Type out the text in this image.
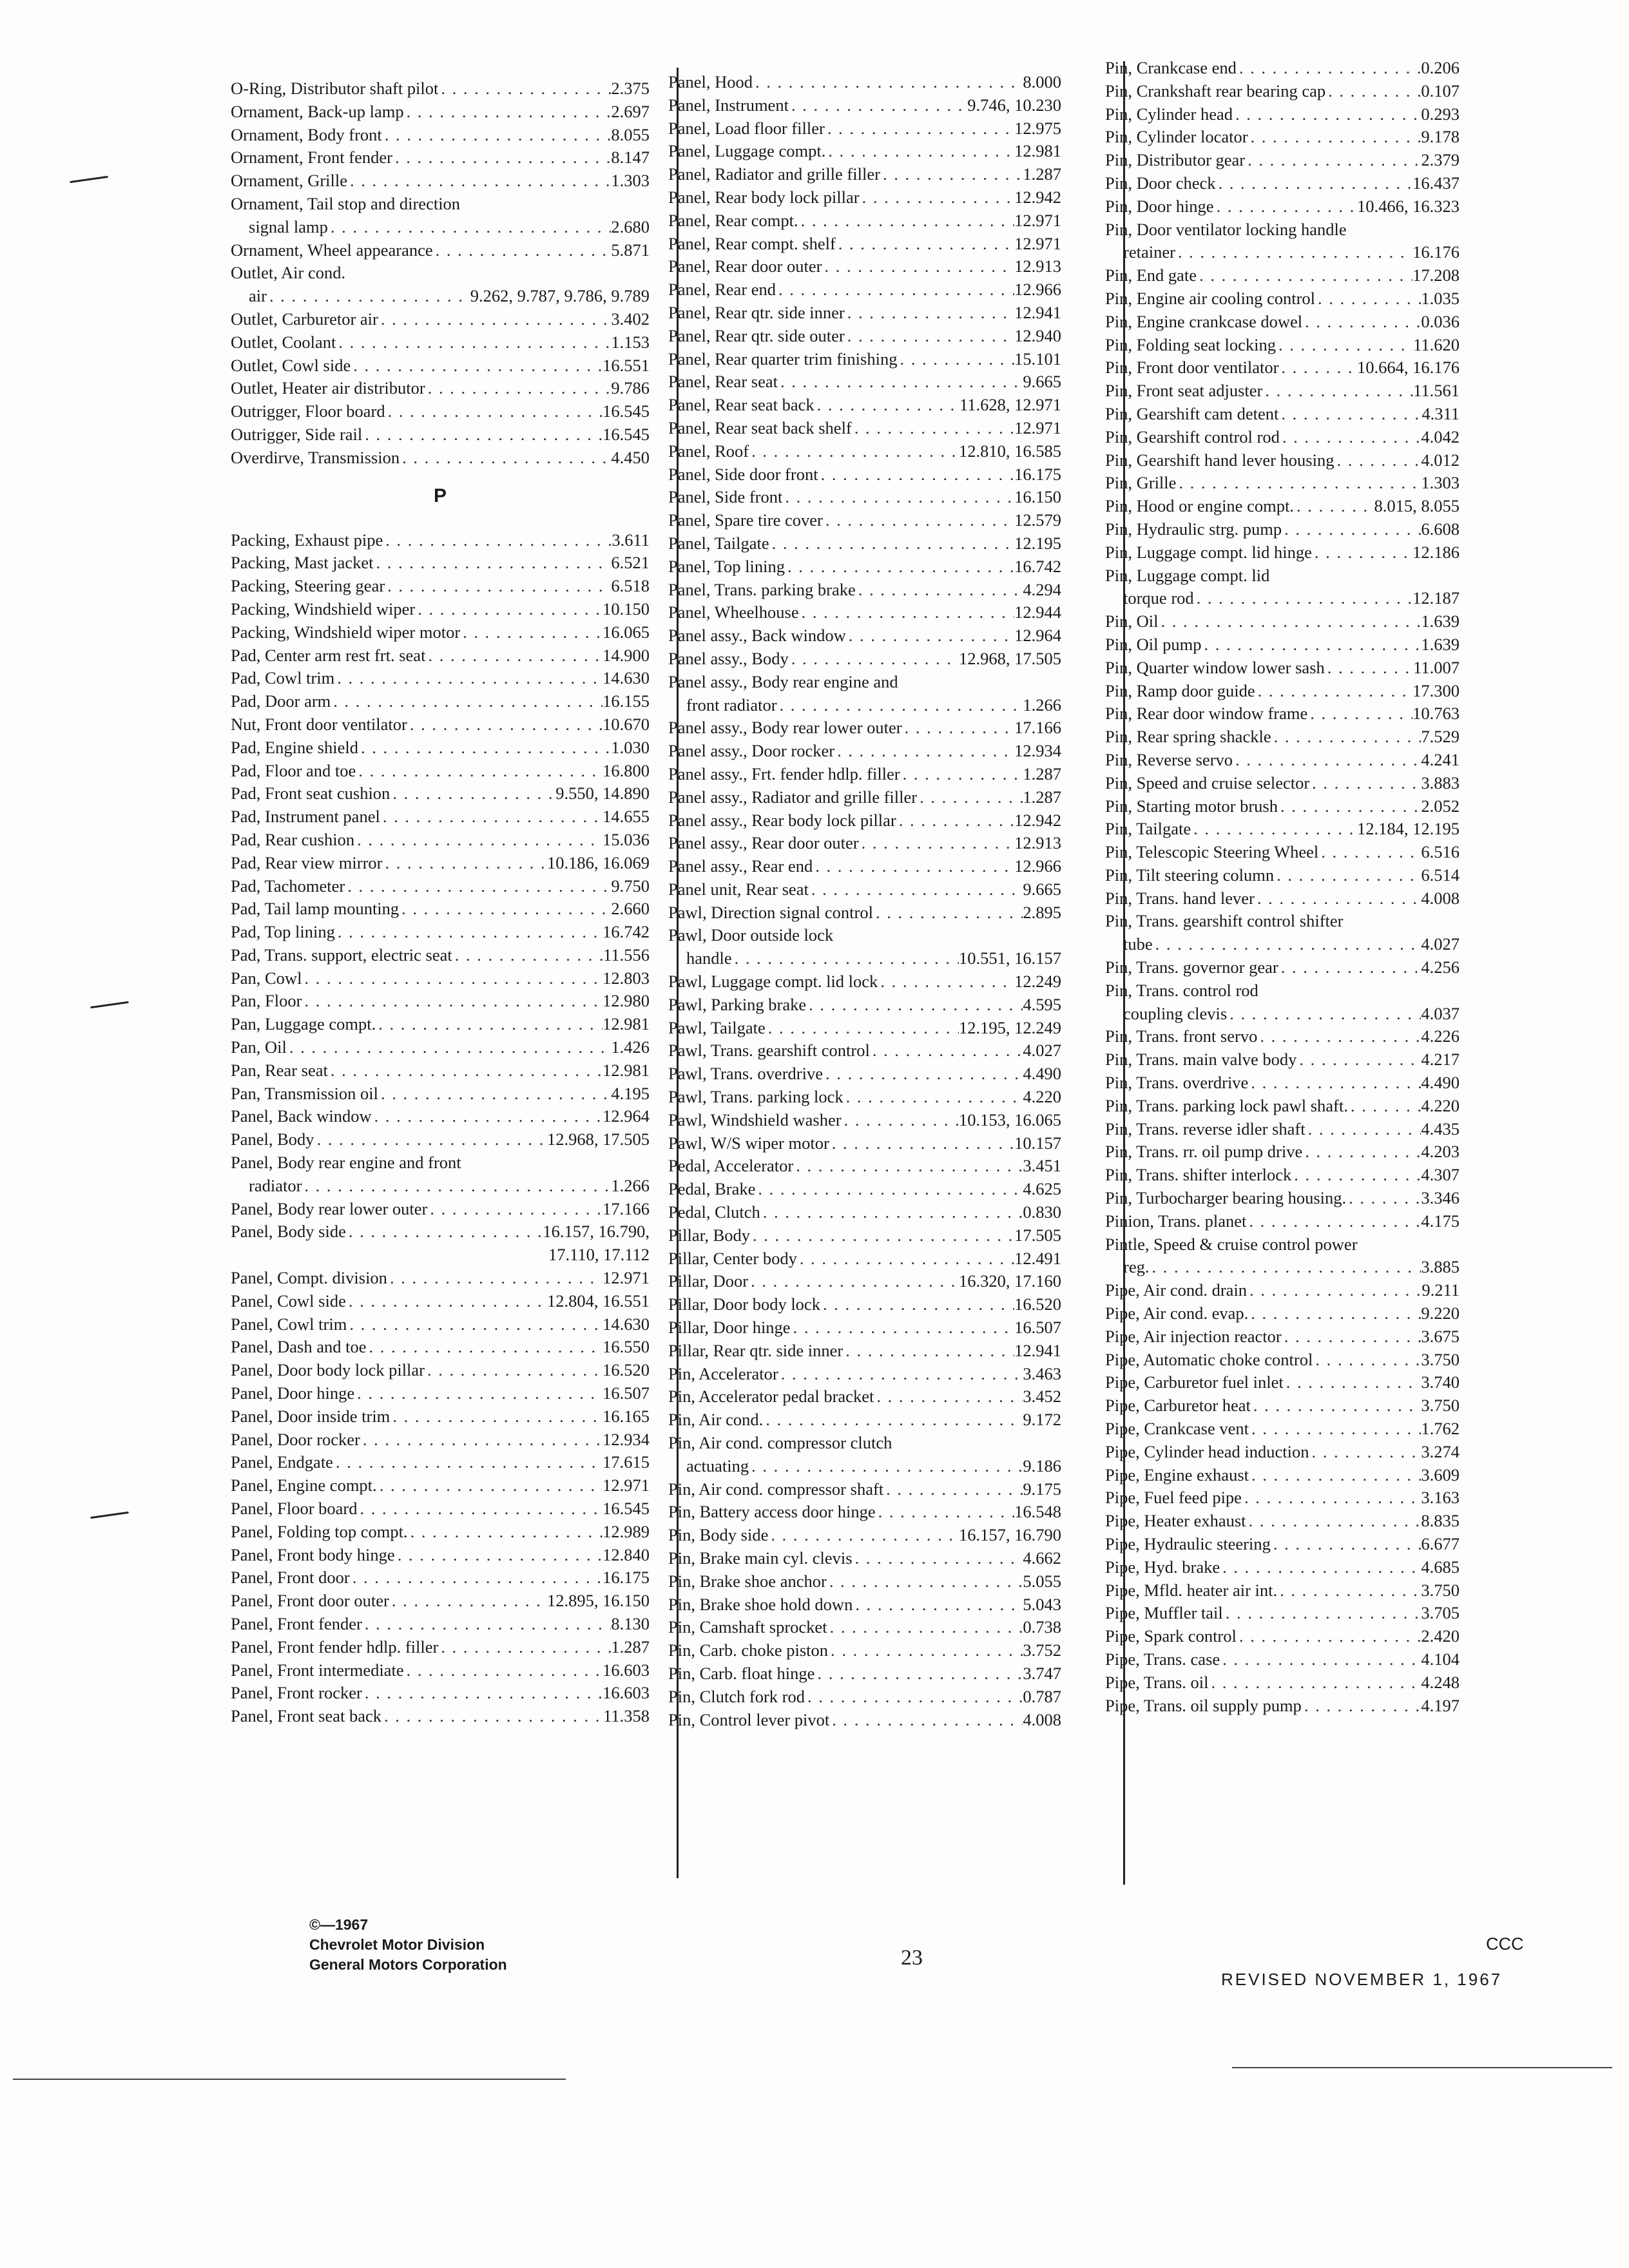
O-Ring, Distributor shaft pilot . . .	2.375
Ornament, Back-up lamp . . .	2.697
Ornament, Body front . . .	8.055
Ornament, Front fender . . .	8.147
Ornament, Grille . . .	1.303
Ornament, Tail stop and direction
signal lamp . . .	2.680
Ornament, Wheel appearance . . .	5.871
Outlet, Air cond.
air . . .	9.262, 9.787, 9.786, 9.789
Outlet, Carburetor air . . .	3.402
Outlet, Coolant . . .	1.153
Outlet, Cowl side . . .	16.551
Outlet, Heater air distributor . . .	9.786
Outrigger, Floor board . . .	16.545
Outrigger, Side rail . . .	16.545
Overdirve, Transmission . . .	4.450
P
Packing, Exhaust pipe . . .	3.611
Packing, Mast jacket . . .	6.521
Packing, Steering gear . . .	6.518
Packing, Windshield wiper . . .	10.150
Packing, Windshield wiper motor . . .	16.065
Pad, Center arm rest frt. seat . . .	14.900
Pad, Cowl trim . . .	14.630
Pad, Door arm . . .	16.155
Nut, Front door ventilator . . .	10.670
Pad, Engine shield . . .	1.030
Pad, Floor and toe . . .	16.800
Pad, Front seat cushion . . .	9.550, 14.890
Pad, Instrument panel . . .	14.655
Pad, Rear cushion . . .	15.036
Pad, Rear view mirror . . .	10.186, 16.069
Pad, Tachometer . . .	9.750
Pad, Tail lamp mounting . . .	2.660
Pad, Top lining . . .	16.742
Pad, Trans. support, electric seat . . .	11.556
Pan, Cowl . . .	12.803
Pan, Floor . . .	12.980
Pan, Luggage compt. . . .	12.981
Pan, Oil . . .	1.426
Pan, Rear seat . . .	12.981
Pan, Transmission oil . . .	4.195
Panel, Back window . . .	12.964
Panel, Body . . .	12.968, 17.505
Panel, Body rear engine and front
radiator . . .	1.266
Panel, Body rear lower outer . . .	17.166
Panel, Body side . . .	16.157, 16.790,
17.110, 17.112
Panel, Compt. division . . .	12.971
Panel, Cowl side . . .	12.804, 16.551
Panel, Cowl trim . . .	14.630
Panel, Dash and toe . . .	16.550
Panel, Door body lock pillar . . .	16.520
Panel, Door hinge . . .	16.507
Panel, Door inside trim . . .	16.165
Panel, Door rocker . . .	12.934
Panel, Endgate . . .	17.615
Panel, Engine compt. . . .	12.971
Panel, Floor board . . .	16.545
Panel, Folding top compt. . . .	12.989
Panel, Front body hinge . . .	12.840
Panel, Front door . . .	16.175
Panel, Front door outer . . .	12.895, 16.150
Panel, Front fender . . .	8.130
Panel, Front fender hdlp. filler . . .	1.287
Panel, Front intermediate . . .	16.603
Panel, Front rocker . . .	16.603
Panel, Front seat back . . .	11.358
Panel, Hood . . .	8.000
Panel, Instrument . . .	9.746, 10.230
Panel, Load floor filler . . .	12.975
Panel, Luggage compt. . . .	12.981
Panel, Radiator and grille filler . . .	1.287
Panel, Rear body lock pillar . . .	12.942
Panel, Rear compt. . . .	12.971
Panel, Rear compt. shelf . . .	12.971
Panel, Rear door outer . . .	12.913
Panel, Rear end . . .	12.966
Panel, Rear qtr. side inner . . .	12.941
Panel, Rear qtr. side outer . . .	12.940
Panel, Rear quarter trim finishing . . .	15.101
Panel, Rear seat . . .	9.665
Panel, Rear seat back . . .	11.628, 12.971
Panel, Rear seat back shelf . . .	12.971
Panel, Roof . . .	12.810, 16.585
Panel, Side door front . . .	16.175
Panel, Side front . . .	16.150
Panel, Spare tire cover . . .	12.579
Panel, Tailgate . . .	12.195
Panel, Top lining . . .	16.742
Panel, Trans. parking brake . . .	4.294
Panel, Wheelhouse . . .	12.944
Panel assy., Back window . . .	12.964
Panel assy., Body . . .	12.968, 17.505
Panel assy., Body rear engine and
front radiator . . .	1.266
Panel assy., Body rear lower outer . . .	17.166
Panel assy., Door rocker . . .	12.934
Panel assy., Frt. fender hdlp. filler . . .	1.287
Panel assy., Radiator and grille filler . . .	1.287
Panel assy., Rear body lock pillar . . .	12.942
Panel assy., Rear door outer . . .	12.913
Panel assy., Rear end . . .	12.966
Panel unit, Rear seat . . .	9.665
Pawl, Direction signal control . . .	2.895
Pawl, Door outside lock
handle . . .	10.551, 16.157
Pawl, Luggage compt. lid lock . . .	12.249
Pawl, Parking brake . . .	4.595
Pawl, Tailgate . . .	12.195, 12.249
Pawl, Trans. gearshift control . . .	4.027
Pawl, Trans. overdrive . . .	4.490
Pawl, Trans. parking lock . . .	4.220
Pawl, Windshield washer . . .	10.153, 16.065
Pawl, W/S wiper motor . . .	10.157
Pedal, Accelerator . . .	3.451
Pedal, Brake . . .	4.625
Pedal, Clutch . . .	0.830
Pillar, Body . . .	17.505
Pillar, Center body . . .	12.491
Pillar, Door . . .	16.320, 17.160
Pillar, Door body lock . . .	16.520
Pillar, Door hinge . . .	16.507
Pillar, Rear qtr. side inner . . .	12.941
Pin, Accelerator . . .	3.463
Pin, Accelerator pedal bracket . . .	3.452
Pin, Air cond. . . .	9.172
Pin, Air cond. compressor clutch
actuating . . .	9.186
Pin, Air cond. compressor shaft . . .	9.175
Pin, Battery access door hinge . . .	16.548
Pin, Body side . . .	16.157, 16.790
Pin, Brake main cyl. clevis . . .	4.662
Pin, Brake shoe anchor . . .	5.055
Pin, Brake shoe hold down . . .	5.043
Pin, Camshaft sprocket . . .	0.738
Pin, Carb. choke piston . . .	3.752
Pin, Carb. float hinge . . .	3.747
Pin, Clutch fork rod . . .	0.787
Pin, Control lever pivot . . .	4.008
Pin, Crankcase end . . .	0.206
Pin, Crankshaft rear bearing cap . . .	0.107
Pin, Cylinder head . . .	0.293
Pin, Cylinder locator . . .	9.178
Pin, Distributor gear . . .	2.379
Pin, Door check . . .	16.437
Pin, Door hinge . . .	10.466, 16.323
Pin, Door ventilator locking handle
retainer . . .	16.176
Pin, End gate . . .	17.208
Pin, Engine air cooling control . . .	1.035
Pin, Engine crankcase dowel . . .	0.036
Pin, Folding seat locking . . .	11.620
Pin, Front door ventilator . . .	10.664, 16.176
Pin, Front seat adjuster . . .	11.561
Pin, Gearshift cam detent . . .	4.311
Pin, Gearshift control rod . . .	4.042
Pin, Gearshift hand lever housing . . .	4.012
Pin, Grille . . .	1.303
Pin, Hood or engine compt. . . .	8.015, 8.055
Pin, Hydraulic strg. pump . . .	6.608
Pin, Luggage compt. lid hinge . . .	12.186
Pin, Luggage compt. lid
torque rod . . .	12.187
Pin, Oil . . .	1.639
Pin, Oil pump . . .	1.639
Pin, Quarter window lower sash . . .	11.007
Pin, Ramp door guide . . .	17.300
Pin, Rear door window frame . . .	10.763
Pin, Rear spring shackle . . .	7.529
Pin, Reverse servo . . .	4.241
Pin, Speed and cruise selector . . .	3.883
Pin, Starting motor brush . . .	2.052
Pin, Tailgate . . .	12.184, 12.195
Pin, Telescopic Steering Wheel . . .	6.516
Pin, Tilt steering column . . .	6.514
Pin, Trans. hand lever . . .	4.008
Pin, Trans. gearshift control shifter
tube . . .	4.027
Pin, Trans. governor gear . . .	4.256
Pin, Trans. control rod
coupling clevis . . .	4.037
Pin, Trans. front servo . . .	4.226
Pin, Trans. main valve body . . .	4.217
Pin, Trans. overdrive . . .	4.490
Pin, Trans. parking lock pawl shaft. . . .	4.220
Pin, Trans. reverse idler shaft . . .	4.435
Pin, Trans. rr. oil pump drive . . .	4.203
Pin, Trans. shifter interlock . . .	4.307
Pin, Turbocharger bearing housing. . . .	3.346
Pinion, Trans. planet . . .	4.175
Pintle, Speed & cruise control power
reg. . . .	3.885
Pipe, Air cond. drain . . .	9.211
Pipe, Air cond. evap. . . .	9.220
Pipe, Air injection reactor . . .	3.675
Pipe, Automatic choke control . . .	3.750
Pipe, Carburetor fuel inlet . . .	3.740
Pipe, Carburetor heat . . .	3.750
Pipe, Crankcase vent . . .	1.762
Pipe, Cylinder head induction . . .	3.274
Pipe, Engine exhaust . . .	3.609
Pipe, Fuel feed pipe . . .	3.163
Pipe, Heater exhaust . . .	8.835
Pipe, Hydraulic steering . . .	6.677
Pipe, Hyd. brake . . .	4.685
Pipe, Mfld. heater air int. . . .	3.750
Pipe, Muffler tail . . .	3.705
Pipe, Spark control . . .	2.420
Pipe, Trans. case . . .	4.104
Pipe, Trans. oil . . .	4.248
Pipe, Trans. oil supply pump . . .	4.197
©—1967
Chevrolet Motor Division
General Motors Corporation	23
CCC
REVISED NOVEMBER 1, 1967
